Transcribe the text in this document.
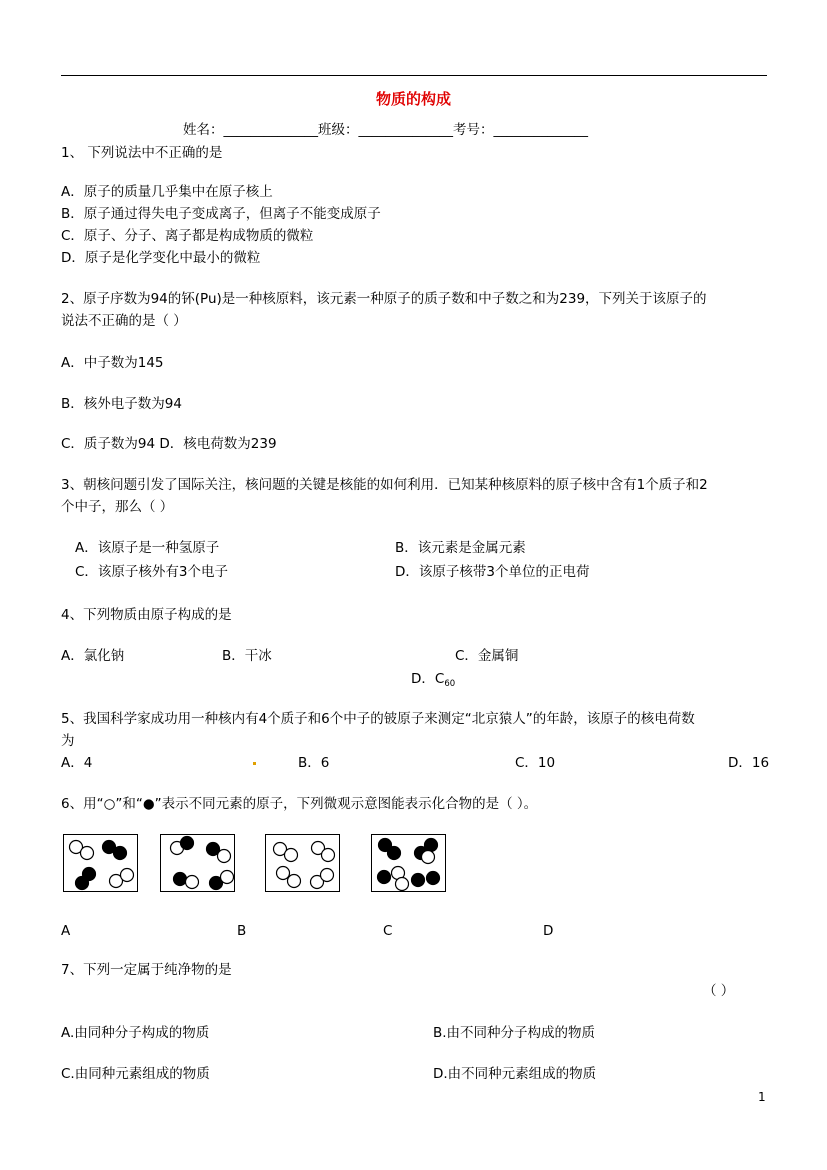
物质的构成
姓名：______________班级：______________考号：______________
1、 下列说法中不正确的是
A．原子的质量几乎集中在原子核上
B．原子通过得失电子变成离子，但离子不能变成原子
C．原子、分子、离子都是构成物质的微粒
D．原子是化学变化中最小的微粒
2、原子序数为94的钚(Pu)是一种核原料，该元素一种原子的质子数和中子数之和为239，下列关于该原子的
说法不正确的是（ ）
A．中子数为145
B．核外电子数为94
C．质子数为94 D．核电荷数为239
3、朝核问题引发了国际关注，核问题的关键是核能的如何利用．已知某种核原料的原子核中含有1个质子和2
个中子，那么（ ）
A．该原子是一种氢原子	B．该元素是金属元素
C．该原子核外有3个电子	D．该原子核带3个单位的正电荷
4、下列物质由原子构成的是
A．氯化钠	B．干冰	C．金属铜
D．$C_{60}$
5、我国科学家成功用一种核内有4个质子和6个中子的铍原子来测定“北京猿人”的年龄，该原子的核电荷数
为
A．4	B．6	C．10	D．16
6、用“○”和“●”表示不同元素的原子，下列微观示意图能表示化合物的是（ ）。
A	B	C	D
7、下列一定属于纯净物的是
（ ）
A.由同种分子构成的物质	B.由不同种分子构成的物质
C.由同种元素组成的物质	D.由不同种元素组成的物质
1
